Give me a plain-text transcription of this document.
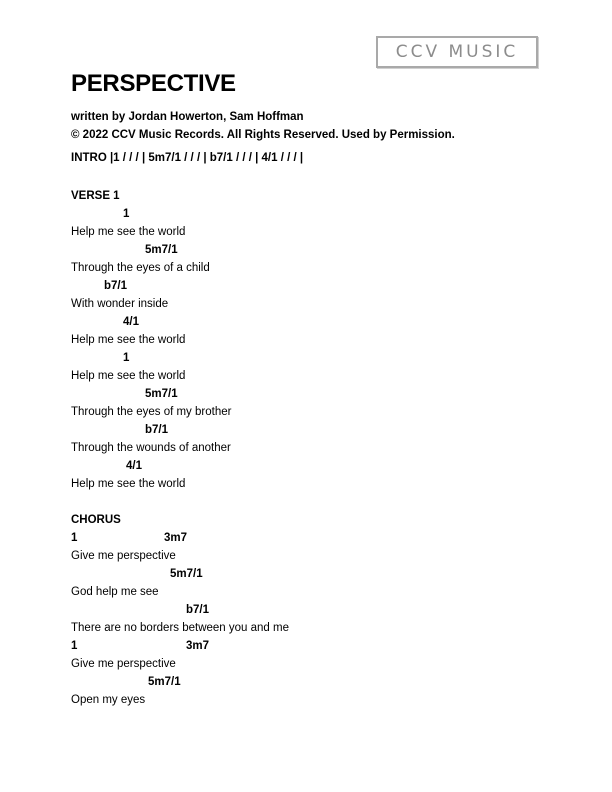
CCV MUSIC
PERSPECTIVE
written by Jordan Howerton, Sam Hoffman
© 2022 CCV Music Records. All Rights Reserved. Used by Permission.
INTRO |1 / / / | 5m7/1 / / / | b7/1 / / / | 4/1 / / / |
VERSE 1
1
Help me see the world
5m7/1
Through the eyes of a child
b7/1
With wonder inside
4/1
Help me see the world
1
Help me see the world
5m7/1
Through the eyes of my brother
b7/1
Through the wounds of another
4/1
Help me see the world
CHORUS
1	3m7
Give me perspective
5m7/1
God help me see
b7/1
There are no borders between you and me
1	3m7
Give me perspective
5m7/1
Open my eyes
